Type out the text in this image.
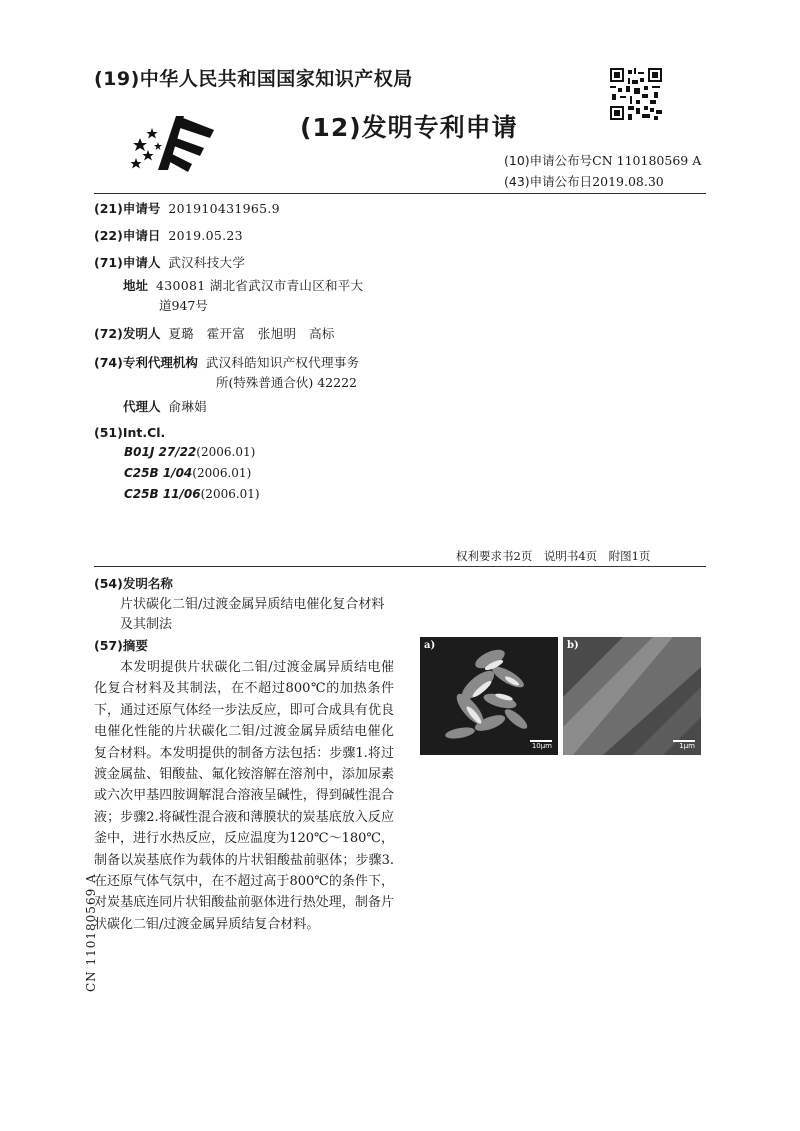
(19)中华人民共和国国家知识产权局
(12)发明专利申请
(10)申请公布号CN 110180569 A
(43)申请公布日2019.08.30
(21)申请号 201910431965.9
(22)申请日 2019.05.23
(71)申请人 武汉科技大学
地址 430081 湖北省武汉市青山区和平大
道947号
(72)发明人 夏璐　霍开富　张旭明　高标
(74)专利代理机构 武汉科皓知识产权代理事务
所(特殊普通合伙) 42222
代理人 俞琳娟
(51)Int.Cl.
B01J 27/22(2006.01)
C25B 1/04(2006.01)
C25B 11/06(2006.01)
权利要求书2页　说明书4页　附图1页
(54)发明名称
片状碳化二钼/过渡金属异质结电催化复合材料及其制法
(57)摘要
本发明提供片状碳化二钼/过渡金属异质结电催化复合材料及其制法，在不超过800℃的加热条件下，通过还原气体经一步法反应，即可合成具有优良电催化性能的片状碳化二钼/过渡金属异质结电催化复合材料。本发明提供的制备方法包括：步骤1.将过渡金属盐、钼酸盐、氟化铵溶解在溶剂中，添加尿素或六次甲基四胺调解混合溶液呈碱性，得到碱性混合液；步骤2.将碱性混合液和薄膜状的炭基底放入反应釜中，进行水热反应，反应温度为120℃～180℃，制备以炭基底作为载体的片状钼酸盐前驱体；步骤3.在还原气体气氛中，在不超过高于800℃的条件下，对炭基底连同片状钼酸盐前驱体进行热处理，制备片状碳化二钼/过渡金属异质结复合材料。
a)
10μm
b)
1μm
CN 110180569 A
